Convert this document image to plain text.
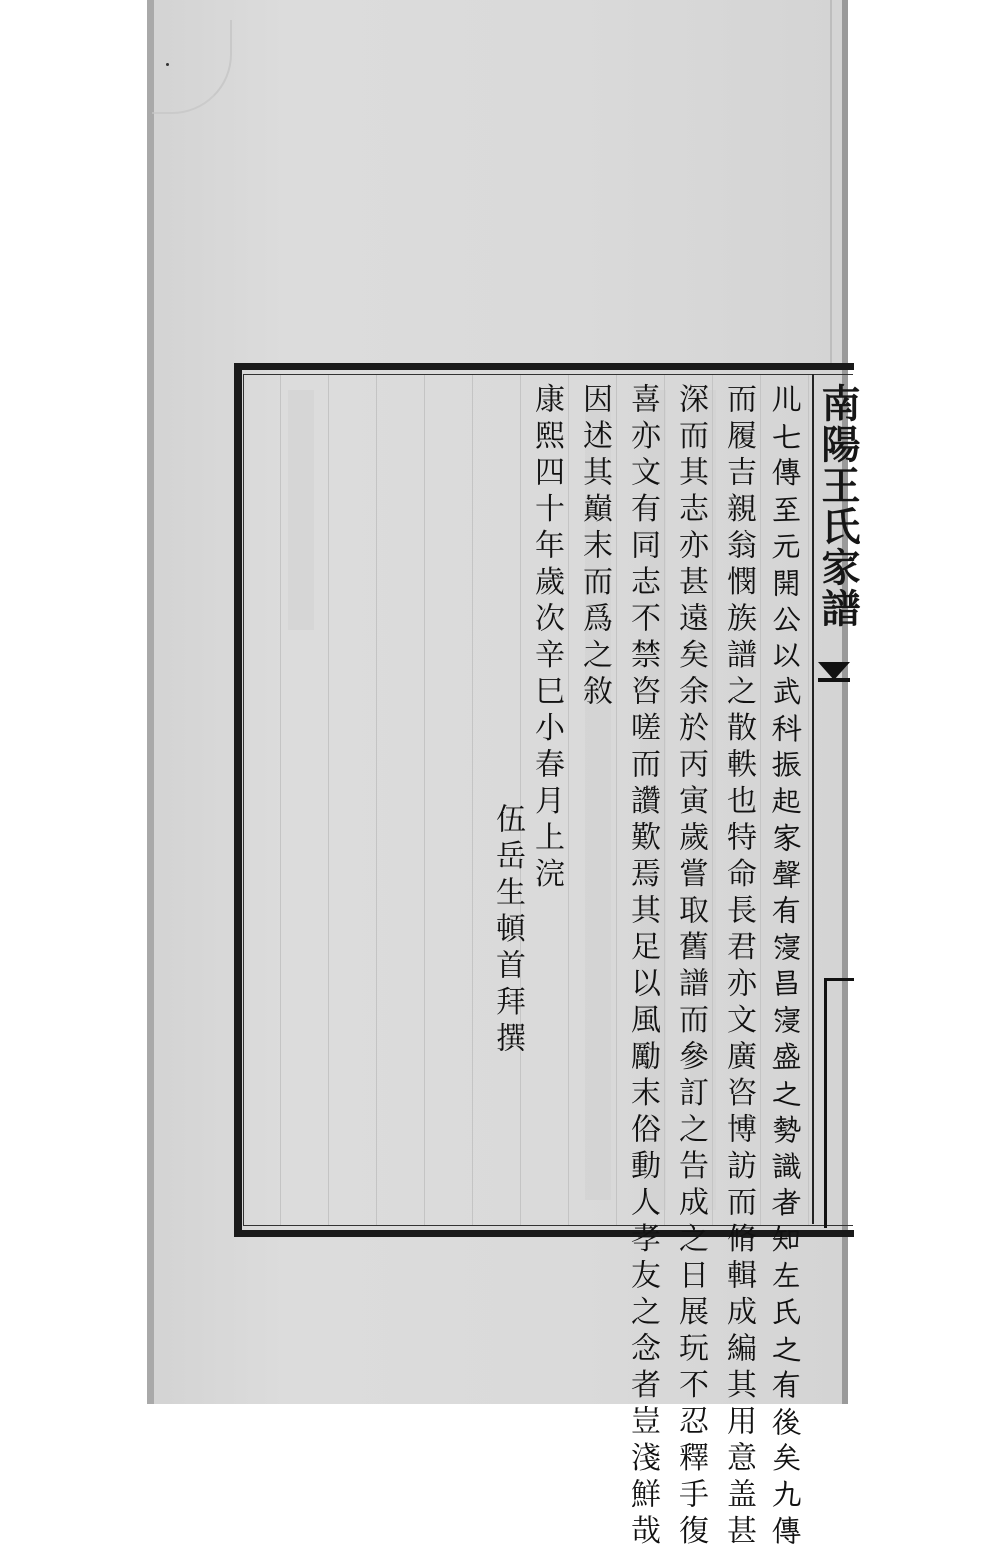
南陽王氏家譜
𫶧七傳至元開公以武科振起家聲有寖昌寖盛之勢識者知左氏之有後矣九傳
而履吉親翁憫族譜之散軼也特命長君亦文廣咨博訪而脩輯成編其用意盖甚
深而其志亦甚遠矣余於丙寅歲嘗取舊譜而參訂之告成之日展玩不忍釋手復
喜亦文有同志不禁咨嗟而讚歎焉其足以風勵末俗動人孝友之念者豈淺鮮哉
因述其巔末而爲之敘
康熙四十年歲次辛巳小春月上浣
伍岳生頓首拜撰
